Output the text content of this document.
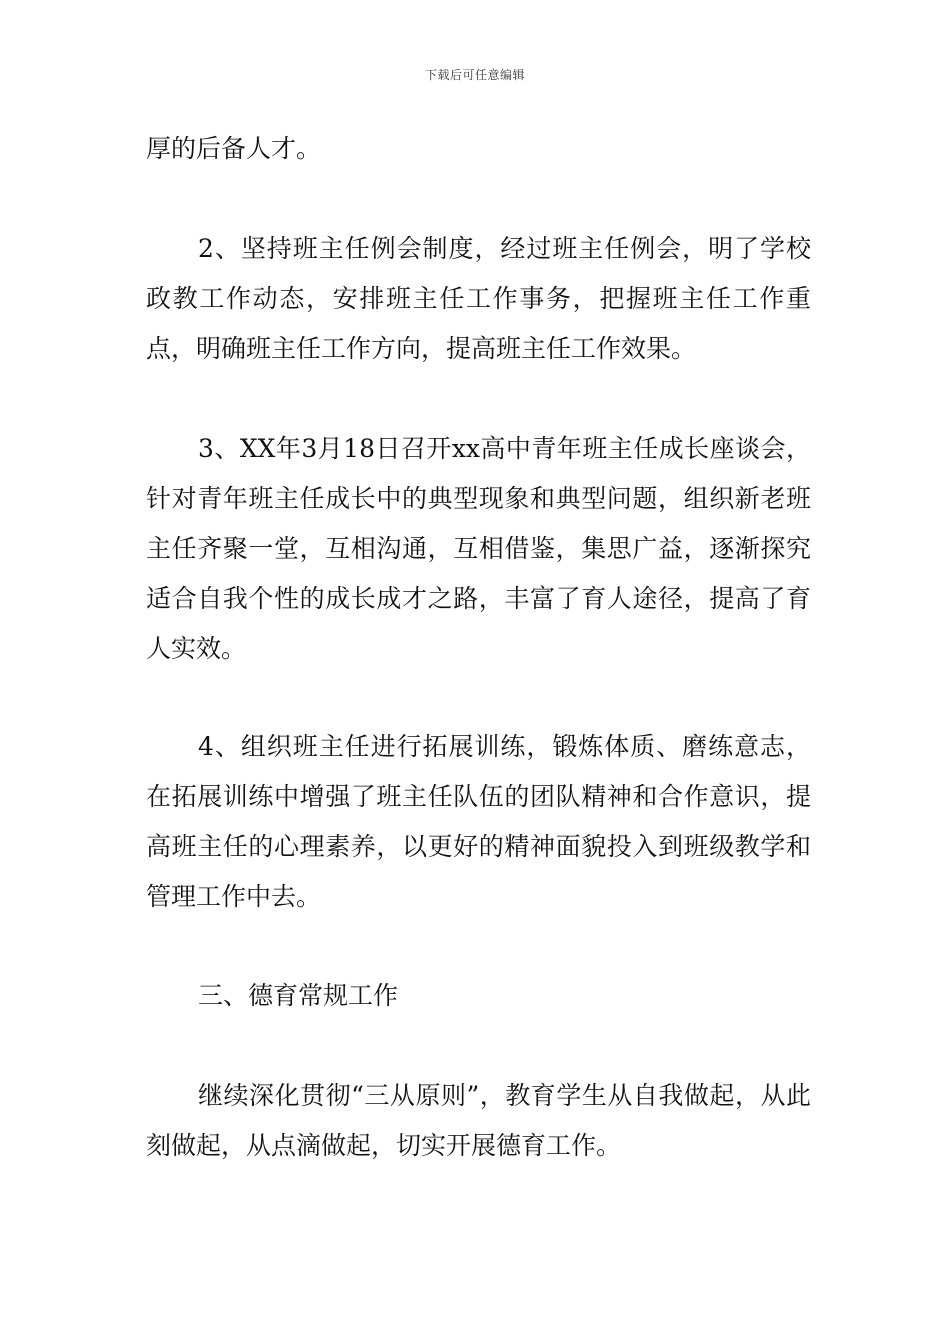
下载后可任意编辑

厚的后备人才。

2、坚持班主任例会制度，经过班主任例会，明了学校政教工作动态，安排班主任工作事务，把握班主任工作重点，明确班主任工作方向，提高班主任工作效果。

3、XX年3月18日召开xx高中青年班主任成长座谈会，针对青年班主任成长中的典型现象和典型问题，组织新老班主任齐聚一堂，互相沟通，互相借鉴，集思广益，逐渐探究适合自我个性的成长成才之路，丰富了育人途径，提高了育人实效。

4、组织班主任进行拓展训练，锻炼体质、磨练意志，在拓展训练中增强了班主任队伍的团队精神和合作意识，提高班主任的心理素养，以更好的精神面貌投入到班级教学和管理工作中去。

三、德育常规工作

继续深化贯彻“三从原则”，教育学生从自我做起，从此刻做起，从点滴做起，切实开展德育工作。
